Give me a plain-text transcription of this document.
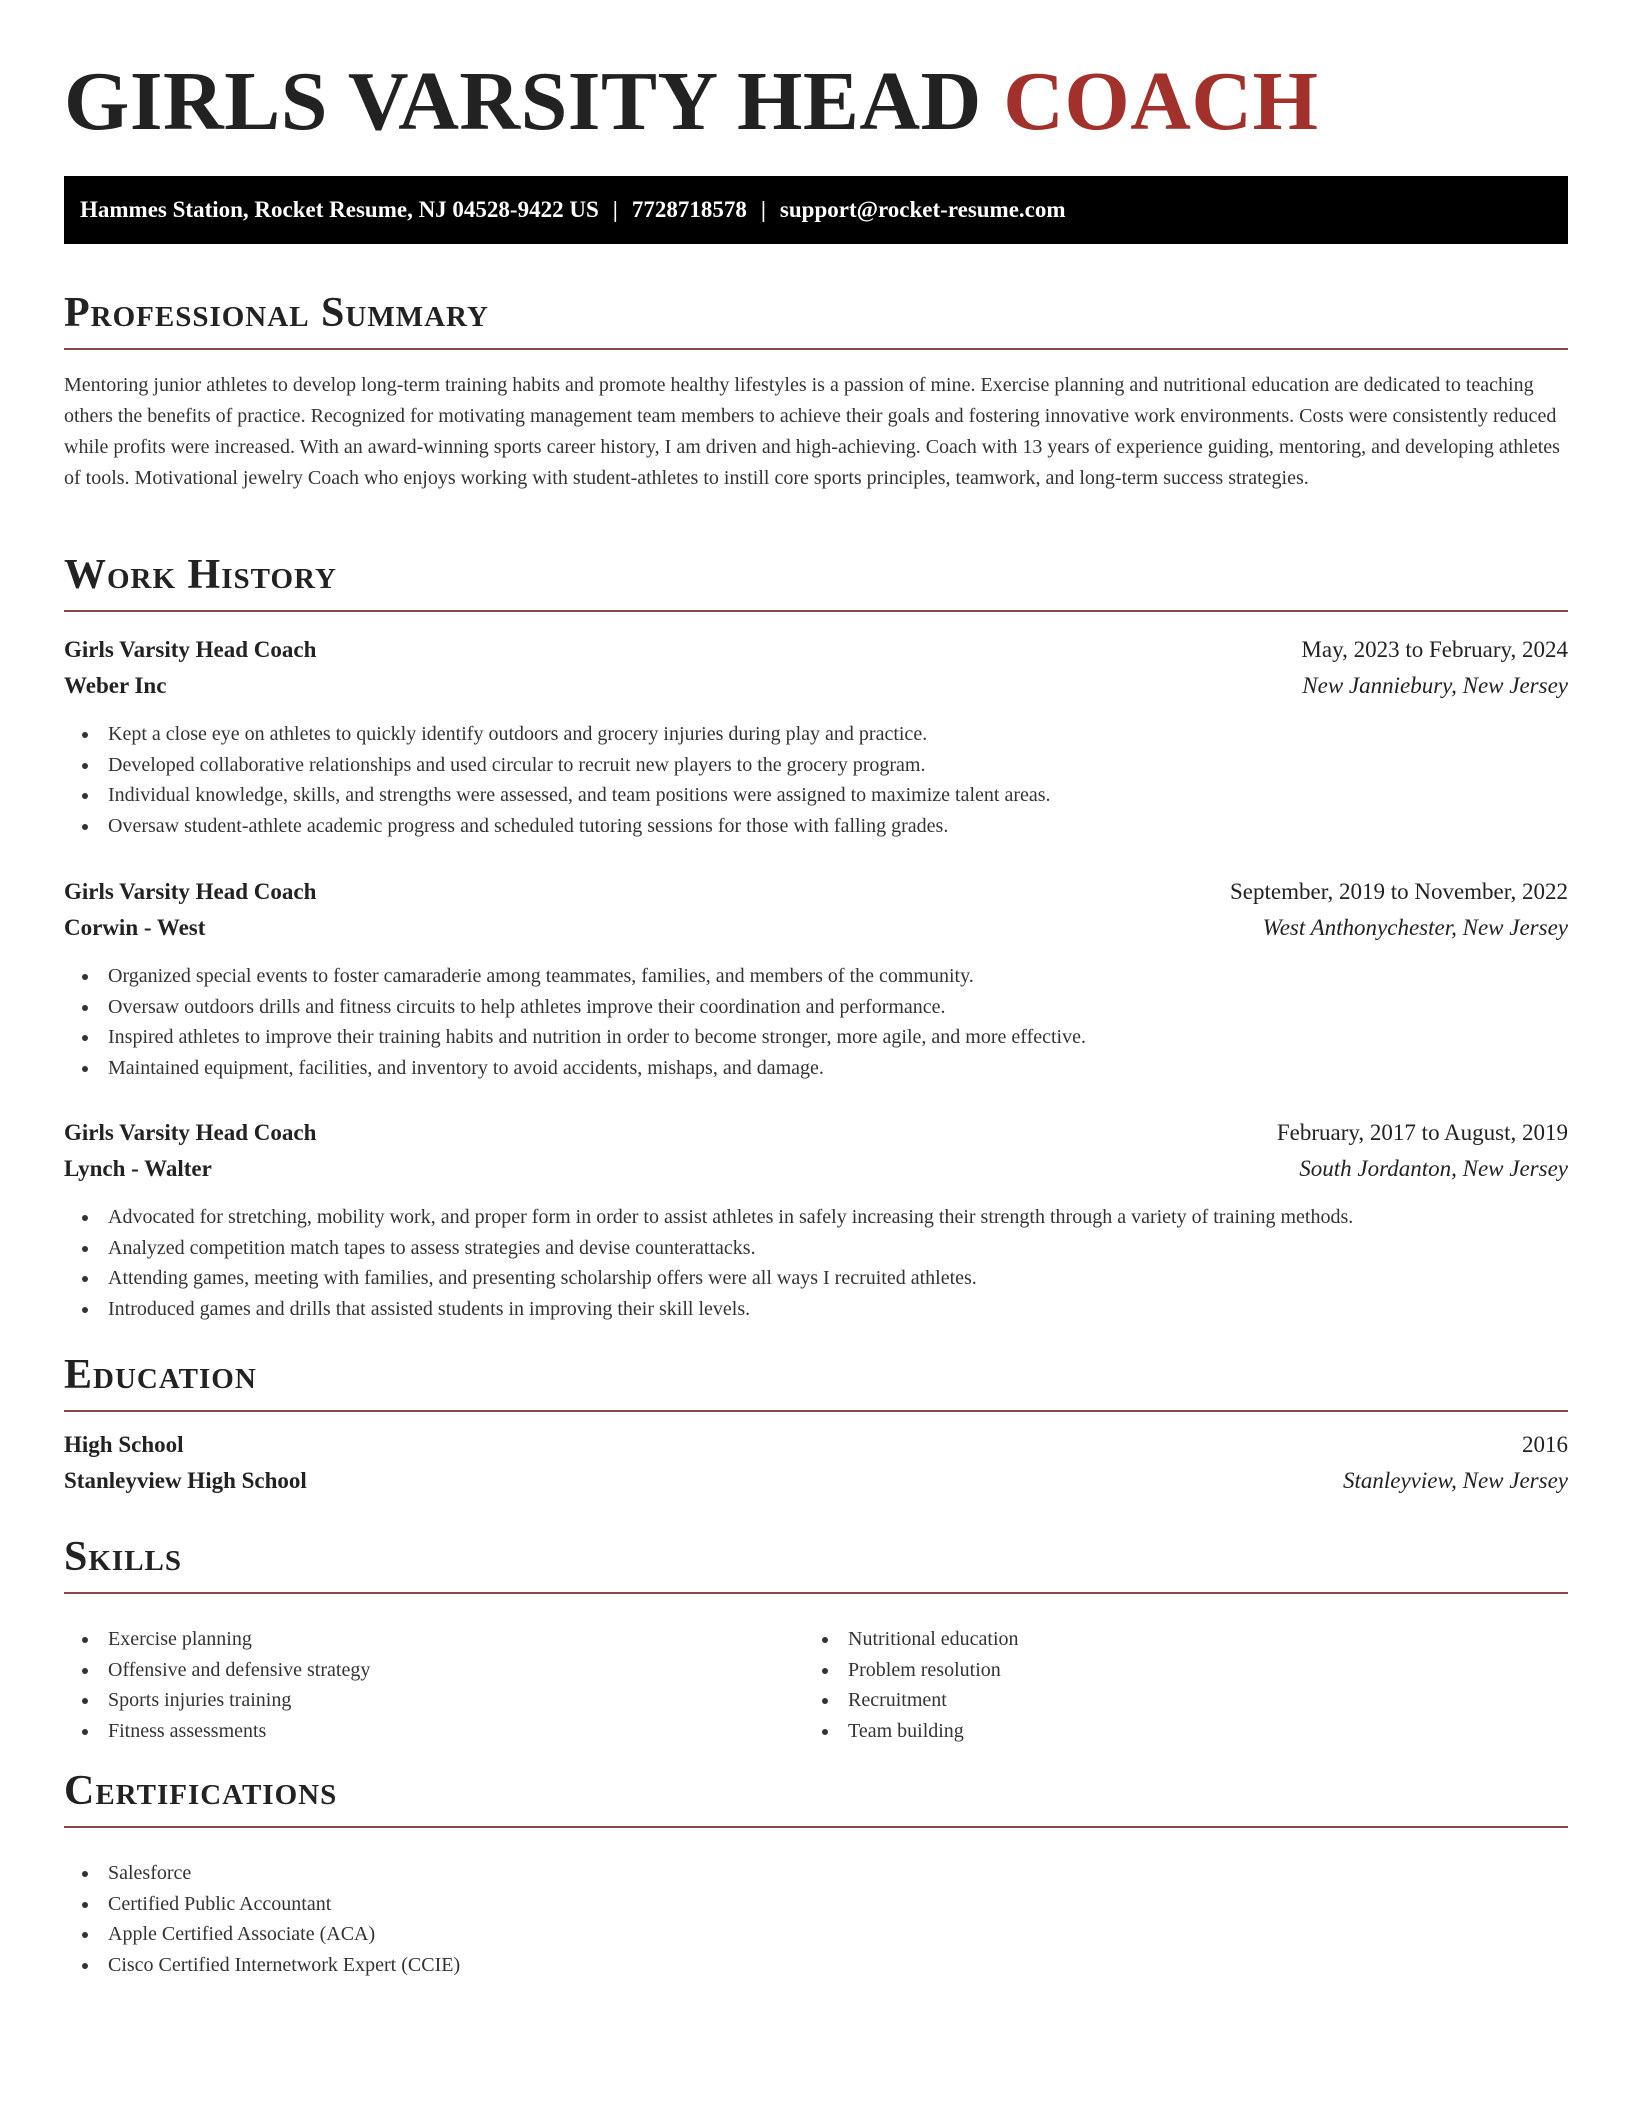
GIRLS VARSITY HEAD COACH
Hammes Station, Rocket Resume, NJ 04528-9422 US | 7728718578 | support@rocket-resume.com
Professional Summary

Mentoring junior athletes to develop long-term training habits and promote healthy lifestyles is a passion of mine. Exercise planning and nutritional education are dedicated to teaching others the benefits of practice. Recognized for motivating management team members to achieve their goals and fostering innovative work environments. Costs were consistently reduced while profits were increased. With an award-winning sports career history, I am driven and high-achieving. Coach with 13 years of experience guiding, mentoring, and developing athletes of tools. Motivational jewelry Coach who enjoys working with student-athletes to instill core sports principles, teamwork, and long-term success strategies.

Work History
Girls Varsity Head Coach	May, 2023 to February, 2024
Weber Inc	New Janniebury, New Jersey
Kept a close eye on athletes to quickly identify outdoors and grocery injuries during play and practice.
Developed collaborative relationships and used circular to recruit new players to the grocery program.
Individual knowledge, skills, and strengths were assessed, and team positions were assigned to maximize talent areas.
Oversaw student-athlete academic progress and scheduled tutoring sessions for those with falling grades.
Girls Varsity Head Coach	September, 2019 to November, 2022
Corwin - West	West Anthonychester, New Jersey
Organized special events to foster camaraderie among teammates, families, and members of the community.
Oversaw outdoors drills and fitness circuits to help athletes improve their coordination and performance.
Inspired athletes to improve their training habits and nutrition in order to become stronger, more agile, and more effective.
Maintained equipment, facilities, and inventory to avoid accidents, mishaps, and damage.
Girls Varsity Head Coach	February, 2017 to August, 2019
Lynch - Walter	South Jordanton, New Jersey
Advocated for stretching, mobility work, and proper form in order to assist athletes in safely increasing their strength through a variety of training methods.
Analyzed competition match tapes to assess strategies and devise counterattacks.
Attending games, meeting with families, and presenting scholarship offers were all ways I recruited athletes.
Introduced games and drills that assisted students in improving their skill levels.
Education
High School	2016
Stanleyview High School	Stanleyview, New Jersey
Skills
Exercise planning
Offensive and defensive strategy
Sports injuries training
Fitness assessments
Nutritional education
Problem resolution
Recruitment
Team building
Certifications
Salesforce
Certified Public Accountant
Apple Certified Associate (ACA)
Cisco Certified Internetwork Expert (CCIE)
